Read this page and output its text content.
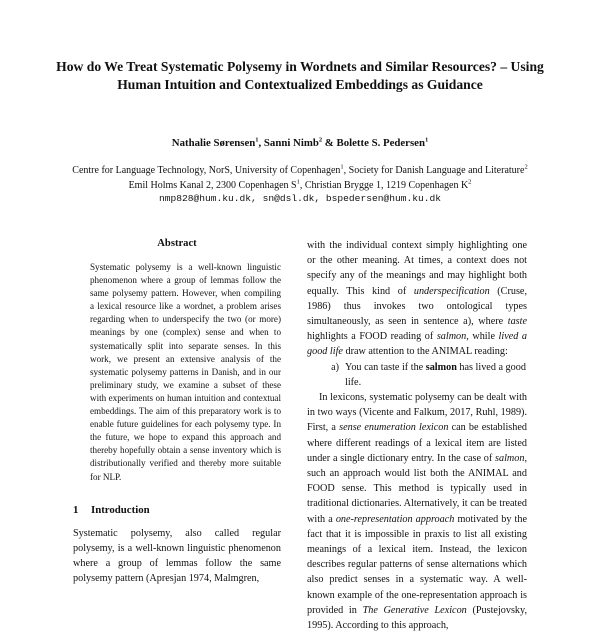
How do We Treat Systematic Polysemy in Wordnets and Similar Resources? – Using
Human Intuition and Contextualized Embeddings as Guidance
Nathalie Sørensen$^1$, Sanni Nimb$^2$ & Bolette S. Pedersen$^1$
Centre for Language Technology, NorS, University of Copenhagen$^1$, Society for Danish Language and Literature$^2$
Emil Holms Kanal 2, 2300 Copenhagen $S^1$, Christian Brygge 1, 1219 Copenhagen $K^2$
nmp828@hum.ku.dk, sn@dsl.dk, bspedersen@hum.ku.dk
Abstract

Systematic polysemy is a well-known linguistic phenomenon where a group of lemmas follow the same polysemy pattern. However, when compiling a lexical resource like a wordnet, a problem arises regarding when to underspecify the two (or more) meanings by one (complex) sense and when to systematically split into separate senses. In this work, we present an extensive analysis of the systematic polysemy patterns in Danish, and in our preliminary study, we examine a subset of these with experiments on human intuition and contextual embeddings. The aim of this preparatory work is to enable future guidelines for each polysemy type. In the future, we hope to expand this approach and thereby hopefully obtain a sense inventory which is distributionally verified and thereby more suitable for NLP.

1 Introduction

Systematic polysemy, also called regular polysemy, is a well-known linguistic phenomenon where a group of lemmas follow the same polysemy pattern (Apresjan 1974, Malmgren,

with the individual context simply highlighting one or the other meaning. At times, a context does not specify any of the meanings and may highlight both equally. This kind of underspecification (Cruse, 1986) thus invokes two ontological types simultaneously, as seen in sentence a), where taste highlights a FOOD reading of salmon, while lived a good life draw attention to the ANIMAL reading:

a) You can taste if the salmon has lived a good life.

In lexicons, systematic polysemy can be dealt with in two ways (Vicente and Falkum, 2017, Ruhl, 1989). First, a sense enumeration lexicon can be established where different readings of a lexical item are listed under a single dictionary entry. In the case of salmon, such an approach would list both the ANIMAL and FOOD sense. This method is typically used in traditional dictionaries. Alternatively, it can be treated with a one-representation approach motivated by the fact that it is impossible in praxis to list all existing meanings of a lexical item. Instead, the lexicon describes regular patterns of sense alternations which also predict senses in a systematic way. A well-known example of the one-representation approach is provided in The Generative Lexicon (Pustejovsky, 1995). According to this approach,
